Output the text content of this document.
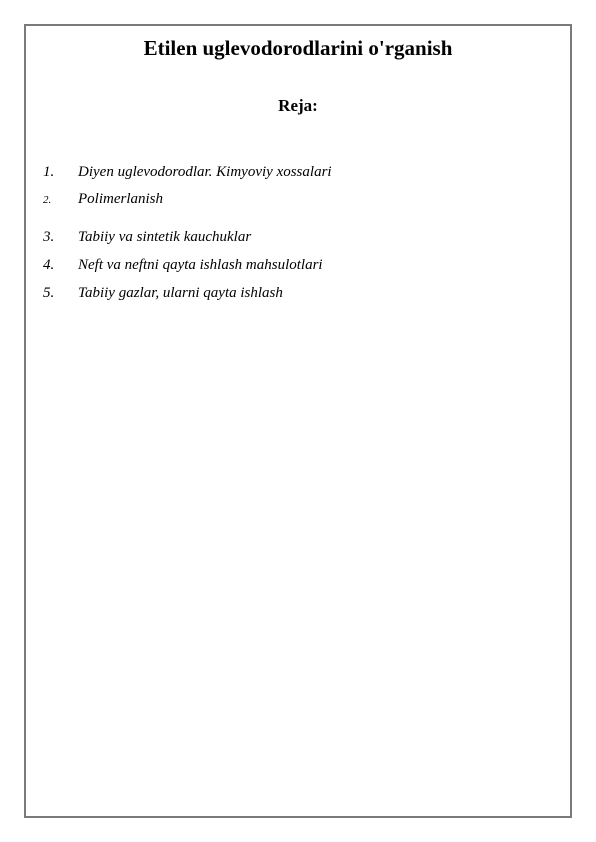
Etilen uglevodorodlarini o'rganish
Reja:
1. Diyen uglevodorodlar. Kimyoviy xossalari
2. Polimerlanish
3. Tabiiy va sintetik kauchuklar
4. Neft va neftni qayta ishlash mahsulotlari
5. Tabiiy gazlar, ularni qayta ishlash
